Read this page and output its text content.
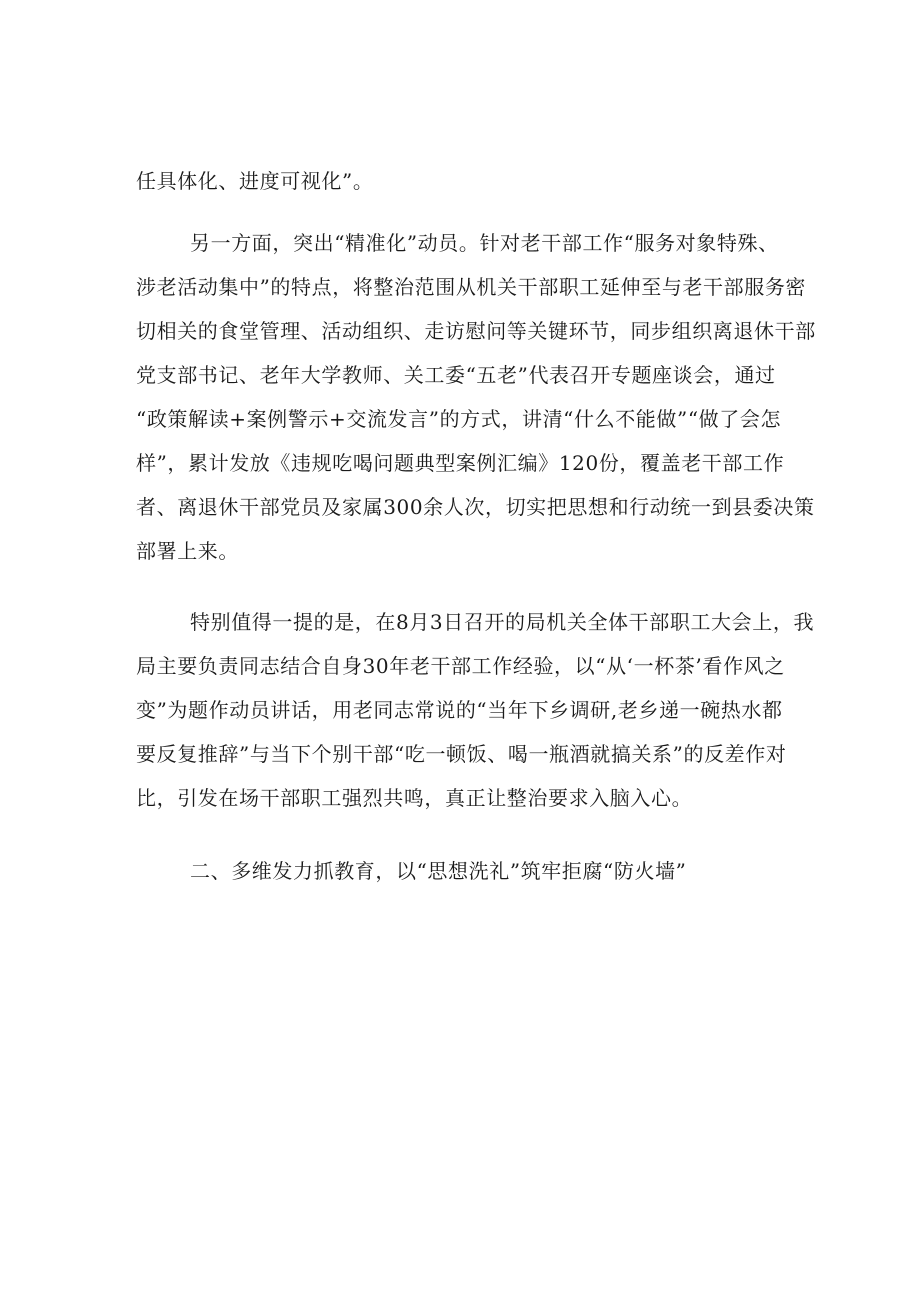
任具体化、进度可视化”。
另一方面，突出“精准化”动员。针对老干部工作“服务对象特殊、
涉老活动集中”的特点，将整治范围从机关干部职工延伸至与老干部服务密
切相关的食堂管理、活动组织、走访慰问等关键环节，同步组织离退休干部
党支部书记、老年大学教师、关工委“五老”代表召开专题座谈会，通过
“政策解读+案例警示+交流发言”的方式，讲清“什么不能做”“做了会怎
样”，累计发放《违规吃喝问题典型案例汇编》120份，覆盖老干部工作
者、离退休干部党员及家属300余人次，切实把思想和行动统一到县委决策
部署上来。
特别值得一提的是，在8月3日召开的局机关全体干部职工大会上，我
局主要负责同志结合自身30年老干部工作经验，以“从‘一杯茶’看作风之
变”为题作动员讲话，用老同志常说的“当年下乡调研,老乡递一碗热水都
要反复推辞”与当下个别干部“吃一顿饭、喝一瓶酒就搞关系”的反差作对
比，引发在场干部职工强烈共鸣，真正让整治要求入脑入心。
二、多维发力抓教育，以“思想洗礼”筑牢拒腐“防火墙”
